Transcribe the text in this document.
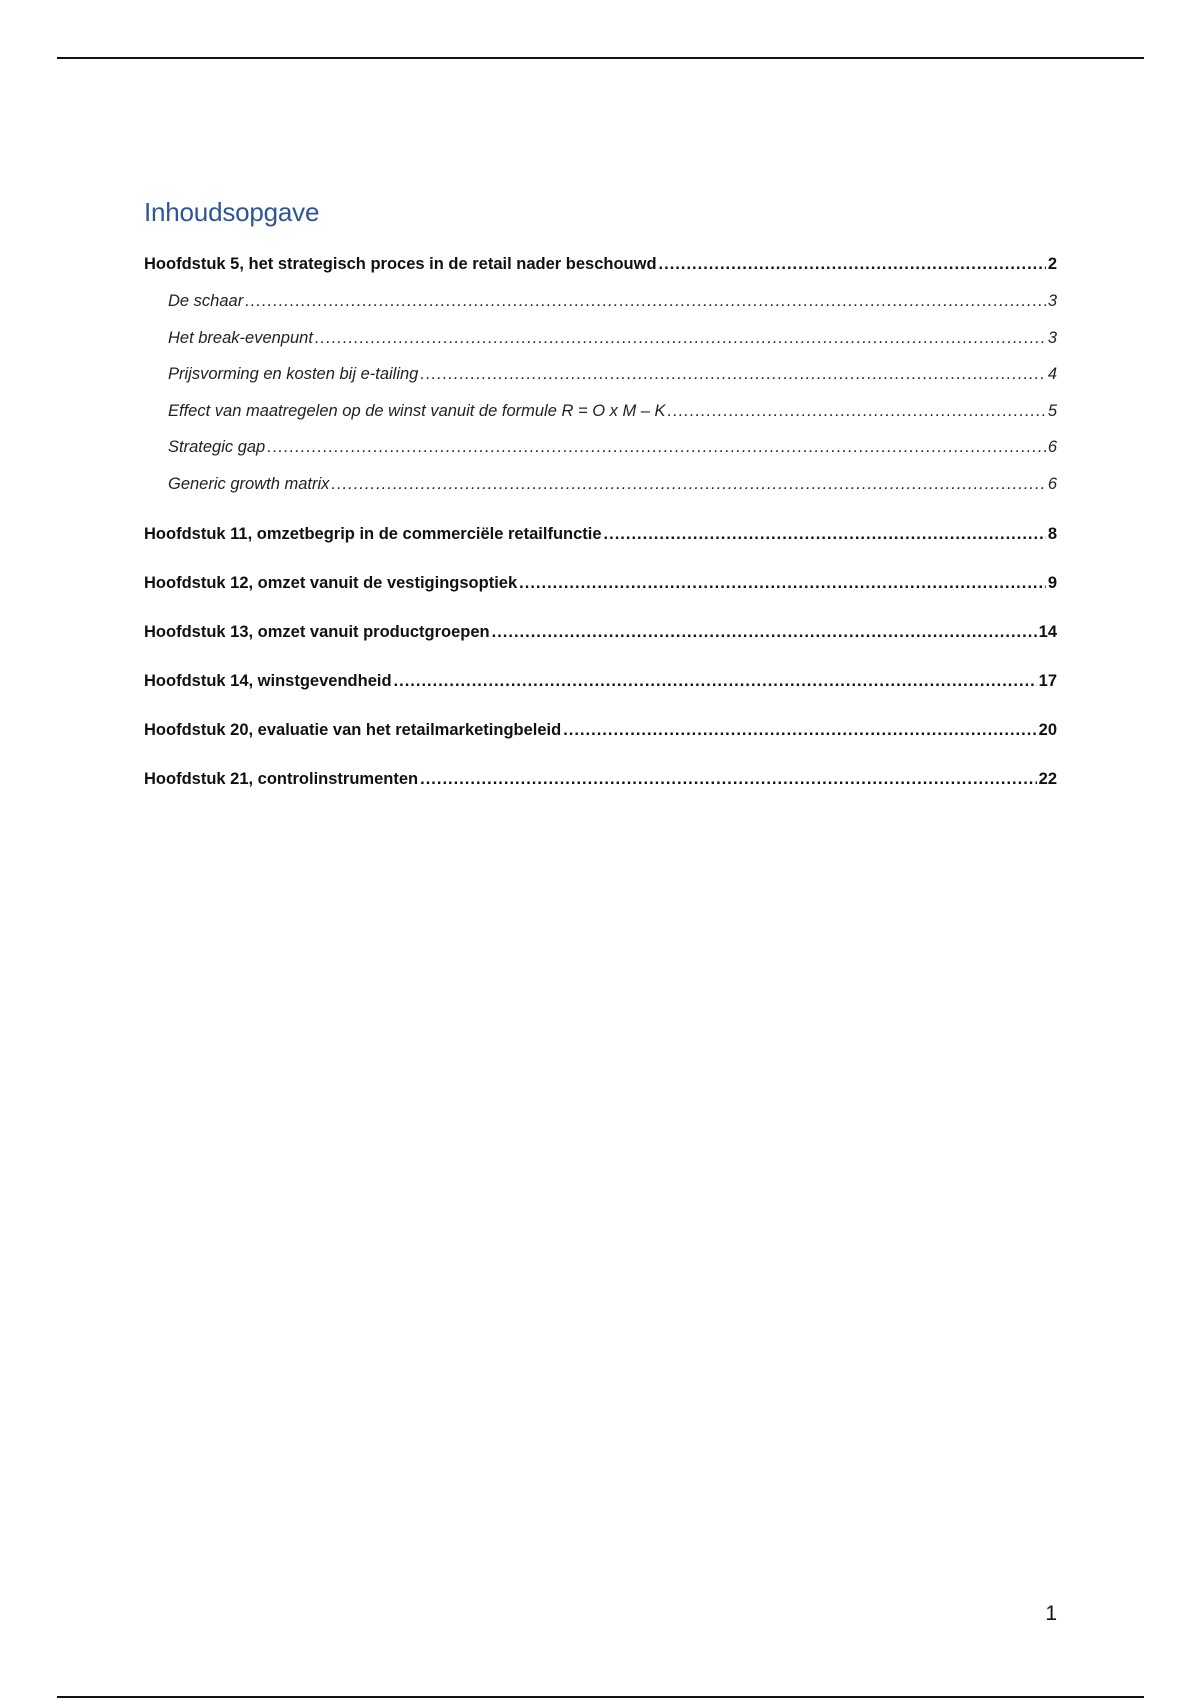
Inhoudsopgave
Hoofdstuk 5, het strategisch proces in de retail nader beschouwd .....	2
De schaar .....	3
Het break-evenpunt .....	3
Prijsvorming en kosten bij e-tailing .....	4
Effect van maatregelen op de winst vanuit de formule R = O x M – K .....	5
Strategic gap .....	6
Generic growth matrix .....	6
Hoofdstuk 11, omzetbegrip in de commerciële retailfunctie .....	8
Hoofdstuk 12, omzet vanuit de vestigingsoptiek .....	9
Hoofdstuk 13, omzet vanuit productgroepen .....	14
Hoofdstuk 14, winstgevendheid .....	17
Hoofdstuk 20, evaluatie van het retailmarketingbeleid .....	20
Hoofdstuk 21, controlinstrumenten .....	22
1
